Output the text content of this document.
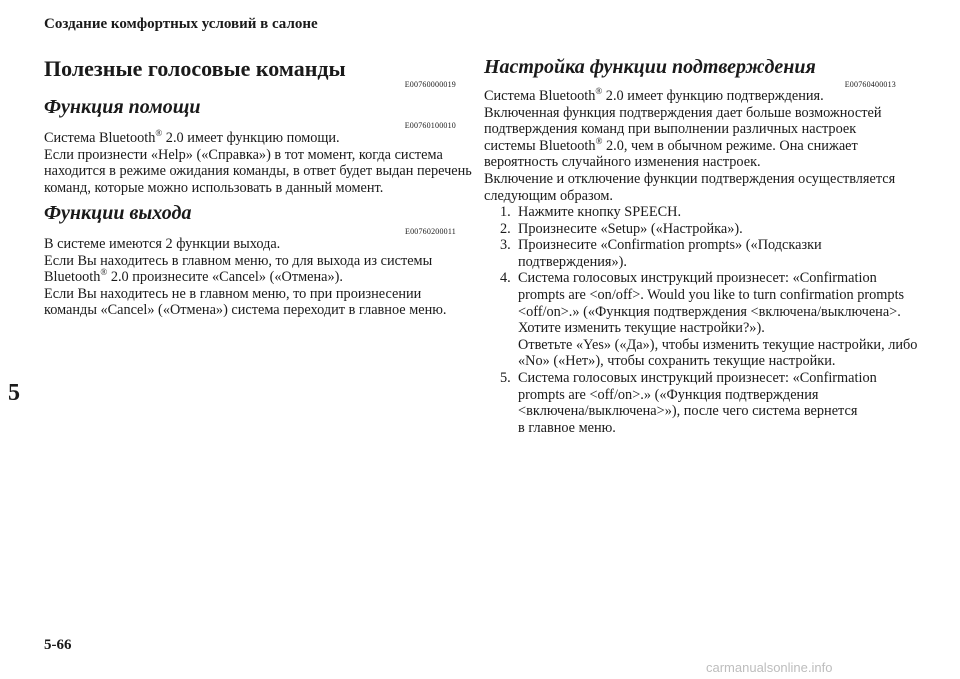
Создание комфортных условий в салоне
Полезные голосовые команды
E00760000019
Функция помощи
E00760100010
Система Bluetooth® 2.0 имеет функцию помощи.
Если произнести «Help» («Справка») в тот момент, когда система
находится в режиме ожидания команды, в ответ будет выдан перечень
команд, которые можно использовать в данный момент.
Функции выхода
E00760200011
В системе имеются 2 функции выхода.
Если Вы находитесь в главном меню, то для выхода из системы
Bluetooth® 2.0 произнесите «Cancel» («Отмена»).
Если Вы находитесь не в главном меню, то при произнесении
команды «Cancel» («Отмена») система переходит в главное меню.
Настройка функции подтверждения
E00760400013
Система Bluetooth® 2.0 имеет функцию подтверждения.
Включенная функция подтверждения дает больше возможностей
подтверждения команд при выполнении различных настроек
системы Bluetooth® 2.0, чем в обычном режиме. Она снижает
вероятность случайного изменения настроек.
Включение и отключение функции подтверждения осуществляется
следующим образом.
1. Нажмите кнопку SPEECH.
2. Произнесите «Setup» («Настройка»).
3. Произнесите «Confirmation prompts» («Подсказки
подтверждения»).
4. Система голосовых инструкций произнесет: «Confirmation
prompts are <on/off>. Would you like to turn confirmation prompts
<off/on>.» («Функция подтверждения <включена/выключена>.
Хотите изменить текущие настройки?»).
Ответьте «Yes» («Да»), чтобы изменить текущие настройки, либо
«No» («Нет»), чтобы сохранить текущие настройки.
5. Система голосовых инструкций произнесет: «Confirmation
prompts are <off/on>.» («Функция подтверждения
<включена/выключена>»), после чего система вернется
в главное меню.
5
5-66
carmanualsonline.info
